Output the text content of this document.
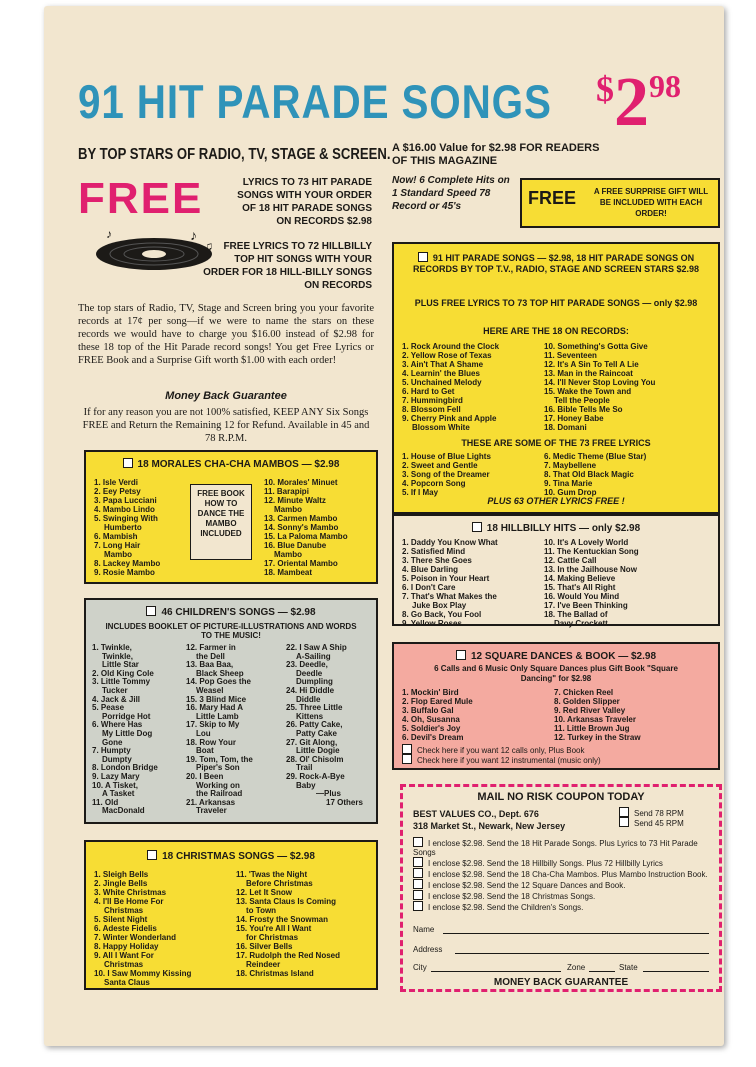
91 HIT PARADE SONGS $298
BY TOP STARS OF RADIO, TV, STAGE & SCREEN. A $16.00 Value for $2.98 FOR READERS OF THIS MAGAZINE
FREE	LYRICS TO 73 HIT PARADE SONGS WITH YOUR ORDER OF 18 HIT PARADE SONGS ON RECORDS $2.98
♪
♫
♪
FREE LYRICS TO 72 HILLBILLY TOP HIT SONGS WITH YOUR ORDER FOR 18 HILL-BILLY SONGS ON RECORDS
Now! 6 Complete Hits on 1 Standard Speed 78 Record or 45's	FREE	A FREE SURPRISE GIFT WILL BE INCLUDED WITH EACH ORDER!
The top stars of Radio, TV, Stage and Screen bring you your favorite records at 17¢ per song—if we were to name the stars on these records we would have to charge you $16.00 instead of $2.98 for these 18 top of the Hit Parade record songs! You get Free Lyrics or FREE Book and a Surprise Gift worth $1.00 with each order!
Money Back Guarantee
If for any reason you are not 100% satisfied, KEEP ANY Six Songs FREE and Return the Remaining 12 for Refund. Available in 45 and 78 R.P.M.
91 HIT PARADE SONGS — $2.98, 18 HIT PARADE SONGS ON RECORDS BY TOP T.V., RADIO, STAGE AND SCREEN STARS $2.98
PLUS FREE LYRICS TO 73 TOP HIT PARADE SONGS — only $2.98
HERE ARE THE 18 ON RECORDS:
1. Rock Around the Clock
2. Yellow Rose of Texas
3. Ain't That A Shame
4. Learnin' the Blues
5. Unchained Melody
6. Hard to Get
7. Hummingbird
8. Blossom Fell
9. Cherry Pink and Apple
Blossom White
10. Something's Gotta Give
11. Seventeen
12. It's A Sin To Tell A Lie
13. Man in the Raincoat
14. I'll Never Stop Loving You
15. Wake the Town and
Tell the People
16. Bible Tells Me So
17. Honey Babe
18. Domani
THESE ARE SOME OF THE 73 FREE LYRICS
1. House of Blue Lights
2. Sweet and Gentle
3. Song of the Dreamer
4. Popcorn Song
5. If I May
6. Medic Theme (Blue Star)
7. Maybellene
8. That Old Black Magic
9. Tina Marie
10. Gum Drop
PLUS 63 OTHER LYRICS FREE !
18 MORALES CHA-CHA MAMBOS — $2.98
1. Isle Verdi
2. Eey Petsy
3. Papa Lucciani
4. Mambo Lindo
5. Swinging With
Humberto
6. Mambish
7. Long Hair
Mambo
8. Lackey Mambo
9. Rosie Mambo
FREE BOOK HOW TO DANCE THE MAMBO INCLUDED
10. Morales' Minuet
11. Barapipi
12. Minute Waltz
Mambo
13. Carmen Mambo
14. Sonny's Mambo
15. La Paloma Mambo
16. Blue Danube
Mambo
17. Oriental Mambo
18. Mambeat
18 HILLBILLY HITS — only $2.98
1. Daddy You Know What
2. Satisfied Mind
3. There She Goes
4. Blue Darling
5. Poison in Your Heart
6. I Don't Care
7. That's What Makes the
Juke Box Play
8. Go Back, You Fool
9. Yellow Roses
10. It's A Lovely World
11. The Kentuckian Song
12. Cattle Call
13. In the Jailhouse Now
14. Making Believe
15. That's All Right
16. Would You Mind
17. I've Been Thinking
18. The Ballad of
Davy Crockett
46 CHILDREN'S SONGS — $2.98
INCLUDES BOOKLET OF PICTURE-ILLUSTRATIONS AND WORDS TO THE MUSIC!
1. Twinkle,
Twinkle,
Little Star
2. Old King Cole
3. Little Tommy
Tucker
4. Jack & Jill
5. Pease
Porridge Hot
6. Where Has
My Little Dog
Gone
7. Humpty
Dumpty
8. London Bridge
9. Lazy Mary
10. A Tisket,
A Tasket
11. Old
MacDonald
12. Farmer in
the Dell
13. Baa Baa,
Black Sheep
14. Pop Goes the
Weasel
15. 3 Blind Mice
16. Mary Had A
Little Lamb
17. Skip to My
Lou
18. Row Your
Boat
19. Tom, Tom, the
Piper's Son
20. I Been
Working on
the Railroad
21. Arkansas
Traveler
22. I Saw A Ship
A-Sailing
23. Deedle,
Deedle
Dumpling
24. Hi Diddle
Diddle
25. Three Little
Kittens
26. Patty Cake,
Patty Cake
27. Git Along,
Little Dogie
28. Ol' Chisolm
Trail
29. Rock-A-Bye
Baby
—Plus
17 Others
12 SQUARE DANCES & BOOK — $2.98
6 Calls and 6 Music Only Square Dances plus Gift Book "Square Dancing" for $2.98
1. Mockin' Bird
2. Flop Eared Mule
3. Buffalo Gal
4. Oh, Susanna
5. Soldier's Joy
6. Devil's Dream
7. Chicken Reel
8. Golden Slipper
9. Red River Valley
10. Arkansas Traveler
11. Little Brown Jug
12. Turkey in the Straw
Check here if you want 12 calls only, Plus Book
Check here if you want 12 instrumental (music only)
18 CHRISTMAS SONGS — $2.98
1. Sleigh Bells
2. Jingle Bells
3. White Christmas
4. I'll Be Home For
Christmas
5. Silent Night
6. Adeste Fidelis
7. Winter Wonderland
8. Happy Holiday
9. All I Want For
Christmas
10. I Saw Mommy Kissing
Santa Claus
11. 'Twas the Night
Before Christmas
12. Let It Snow
13. Santa Claus Is Coming
to Town
14. Frosty the Snowman
15. You're All I Want
for Christmas
16. Silver Bells
17. Rudolph the Red Nosed
Reindeer
18. Christmas Island
MAIL NO RISK COUPON TODAY
BEST VALUES CO., Dept. 676
318 Market St., Newark, New Jersey
Send 78 RPM
Send 45 RPM
I enclose $2.98. Send the 18 Hit Parade Songs. Plus Lyrics to 73 Hit Parade Songs
I enclose $2.98. Send the 18 Hillbilly Songs. Plus 72 Hillbilly Lyrics
I enclose $2.98. Send the 18 Cha-Cha Mambos. Plus Mambo Instruction Book.
I enclose $2.98. Send the 12 Square Dances and Book.
I enclose $2.98. Send the 18 Christmas Songs.
I enclose $2.98. Send the Children's Songs.
Name
Address
City	Zone	State
MONEY BACK GUARANTEE
